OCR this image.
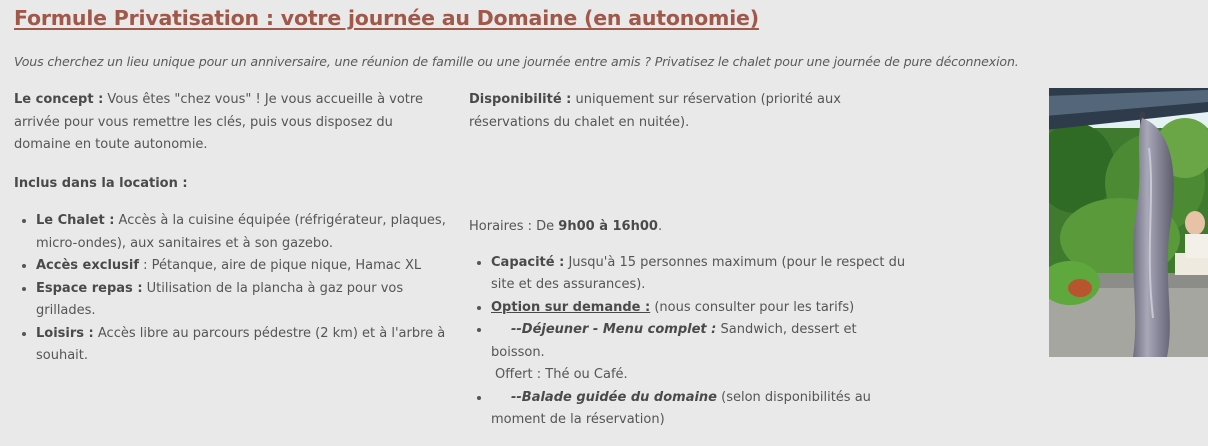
Formule Privatisation : votre journée au Domaine (en autonomie)

Vous cherchez un lieu unique pour un anniversaire, une réunion de famille ou une journée entre amis ? Privatisez le chalet pour une journée de pure déconnexion.

Le concept : Vous êtes "chez vous" ! Je vous accueille à votre arrivée pour vous remettre les clés, puis vous disposez du domaine en toute autonomie.

Inclus dans la location :

• Le Chalet : Accès à la cuisine équipée (réfrigérateur, plaques, micro-ondes), aux sanitaires et à son gazebo.
• Accès exclusif : Pétanque, aire de pique nique, Hamac XL
• Espace repas : Utilisation de la plancha à gaz pour vos grillades.
• Loisirs : Accès libre au parcours pédestre (2 km) et à l'arbre à souhait.

Disponibilité : uniquement sur réservation (priorité aux réservations du chalet en nuitée).

Horaires : De 9h00 à 16h00.

• Capacité : Jusqu'à 15 personnes maximum (pour le respect du site et des assurances).
• Option sur demande : (nous consulter pour les tarifs)
• --Déjeuner - Menu complet : Sandwich, dessert et boisson.
Offert : Thé ou Café.
• --Balade guidée du domaine (selon disponibilités au moment de la réservation)
